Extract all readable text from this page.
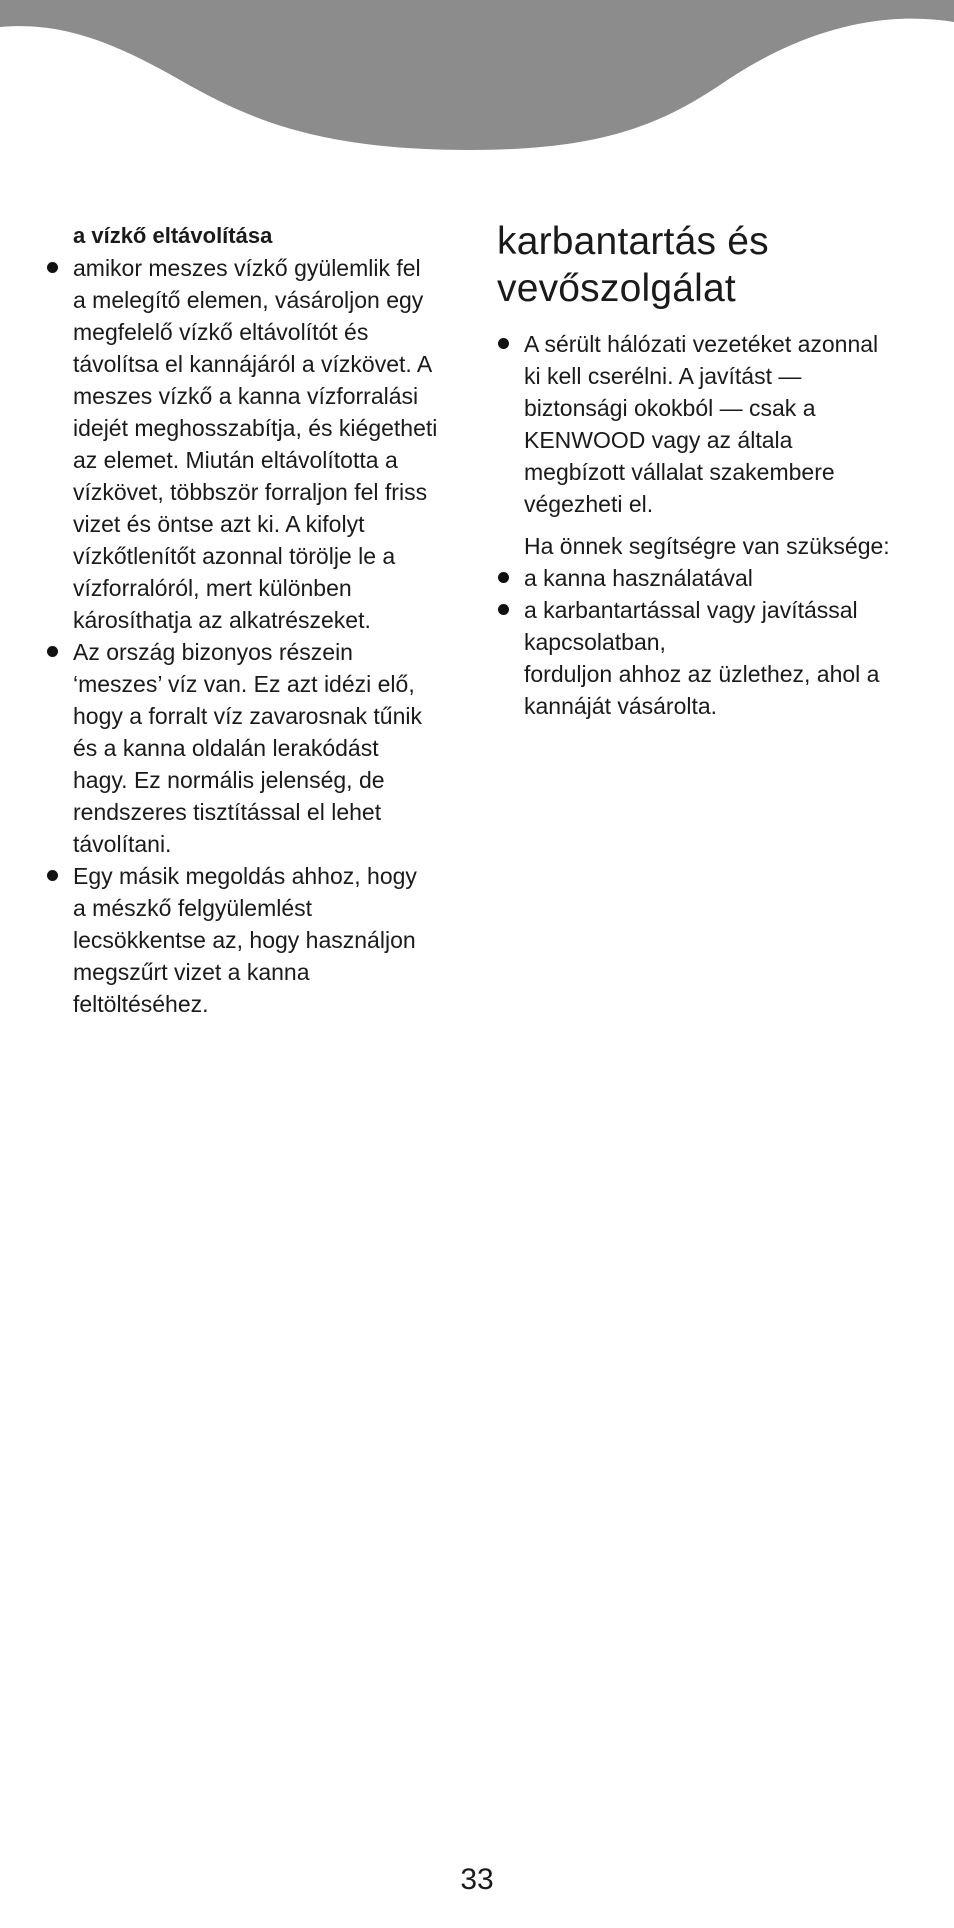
a vízkő eltávolítása
amikor meszes vízkő gyülemlik fel
a melegítő elemen, vásároljon egy
megfelelő vízkő eltávolítót és
távolítsa el kannájáról a vízkövet. A
meszes vízkő a kanna vízforralási
idejét meghosszabítja, és kiégetheti
az elemet. Miután eltávolította a
vízkövet, többször forraljon fel friss
vizet és öntse azt ki. A kifolyt
vízkőtlenítőt azonnal törölje le a
vízforralóról, mert különben
károsíthatja az alkatrészeket.
Az ország bizonyos részein
‘meszes’ víz van. Ez azt idézi elő,
hogy a forralt víz zavarosnak tűnik
és a kanna oldalán lerakódást
hagy. Ez normális jelenség, de
rendszeres tisztítással el lehet
távolítani.
Egy másik megoldás ahhoz, hogy
a mészkő felgyülemlést
lecsökkentse az, hogy használjon
megszűrt vizet a kanna
feltöltéséhez.
karbantartás és
vevőszolgálat
A sérült hálózati vezetéket azonnal
ki kell cserélni. A javítást —
biztonsági okokból — csak a
KENWOOD vagy az általa
megbízott vállalat szakembere
végezheti el.
Ha önnek segítségre van szüksége:
a kanna használatával
a karbantartással vagy javítással
kapcsolatban,
forduljon ahhoz az üzlethez, ahol a
kannáját vásárolta.
33
